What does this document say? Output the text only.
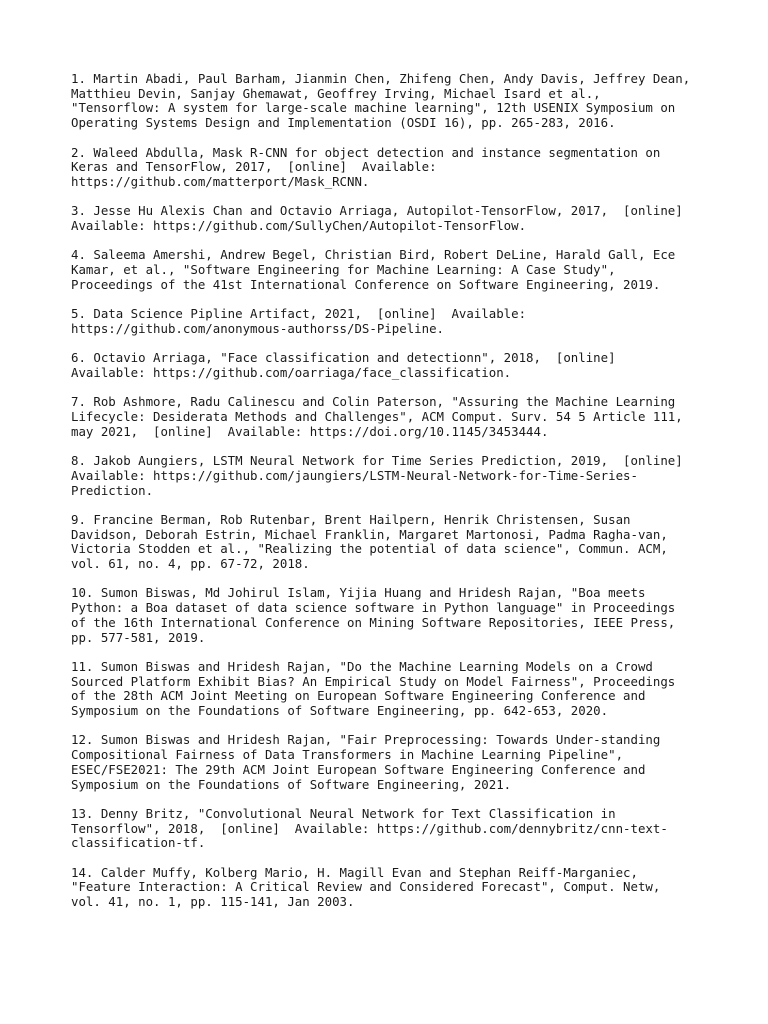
1. Martin Abadi, Paul Barham, Jianmin Chen, Zhifeng Chen, Andy Davis, Jeffrey Dean,
Matthieu Devin, Sanjay Ghemawat, Geoffrey Irving, Michael Isard et al.,
"Tensorflow: A system for large-scale machine learning", 12th USENIX Symposium on
Operating Systems Design and Implementation (OSDI 16), pp. 265-283, 2016.
2. Waleed Abdulla, Mask R-CNN for object detection and instance segmentation on
Keras and TensorFlow, 2017,  [online]  Available:
https://github.com/matterport/Mask_RCNN.
3. Jesse Hu Alexis Chan and Octavio Arriaga, Autopilot-TensorFlow, 2017,  [online]
Available: https://github.com/SullyChen/Autopilot-TensorFlow.
4. Saleema Amershi, Andrew Begel, Christian Bird, Robert DeLine, Harald Gall, Ece
Kamar, et al., "Software Engineering for Machine Learning: A Case Study",
Proceedings of the 41st International Conference on Software Engineering, 2019.
5. Data Science Pipline Artifact, 2021,  [online]  Available:
https://github.com/anonymous-authorss/DS-Pipeline.
6. Octavio Arriaga, "Face classification and detectionn", 2018,  [online]
Available: https://github.com/oarriaga/face_classification.
7. Rob Ashmore, Radu Calinescu and Colin Paterson, "Assuring the Machine Learning
Lifecycle: Desiderata Methods and Challenges", ACM Comput. Surv. 54 5 Article 111,
may 2021,  [online]  Available: https://doi.org/10.1145/3453444.
8. Jakob Aungiers, LSTM Neural Network for Time Series Prediction, 2019,  [online]
Available: https://github.com/jaungiers/LSTM-Neural-Network-for-Time-Series-
Prediction.
9. Francine Berman, Rob Rutenbar, Brent Hailpern, Henrik Christensen, Susan
Davidson, Deborah Estrin, Michael Franklin, Margaret Martonosi, Padma Ragha-van,
Victoria Stodden et al., "Realizing the potential of data science", Commun. ACM,
vol. 61, no. 4, pp. 67-72, 2018.
10. Sumon Biswas, Md Johirul Islam, Yijia Huang and Hridesh Rajan, "Boa meets
Python: a Boa dataset of data science software in Python language" in Proceedings
of the 16th International Conference on Mining Software Repositories, IEEE Press,
pp. 577-581, 2019.
11. Sumon Biswas and Hridesh Rajan, "Do the Machine Learning Models on a Crowd
Sourced Platform Exhibit Bias? An Empirical Study on Model Fairness", Proceedings
of the 28th ACM Joint Meeting on European Software Engineering Conference and
Symposium on the Foundations of Software Engineering, pp. 642-653, 2020.
12. Sumon Biswas and Hridesh Rajan, "Fair Preprocessing: Towards Under-standing
Compositional Fairness of Data Transformers in Machine Learning Pipeline",
ESEC/FSE2021: The 29th ACM Joint European Software Engineering Conference and
Symposium on the Foundations of Software Engineering, 2021.
13. Denny Britz, "Convolutional Neural Network for Text Classification in
Tensorflow", 2018,  [online]  Available: https://github.com/dennybritz/cnn-text-
classification-tf.
14. Calder Muffy, Kolberg Mario, H. Magill Evan and Stephan Reiff-Marganiec,
"Feature Interaction: A Critical Review and Considered Forecast", Comput. Netw,
vol. 41, no. 1, pp. 115-141, Jan 2003.
